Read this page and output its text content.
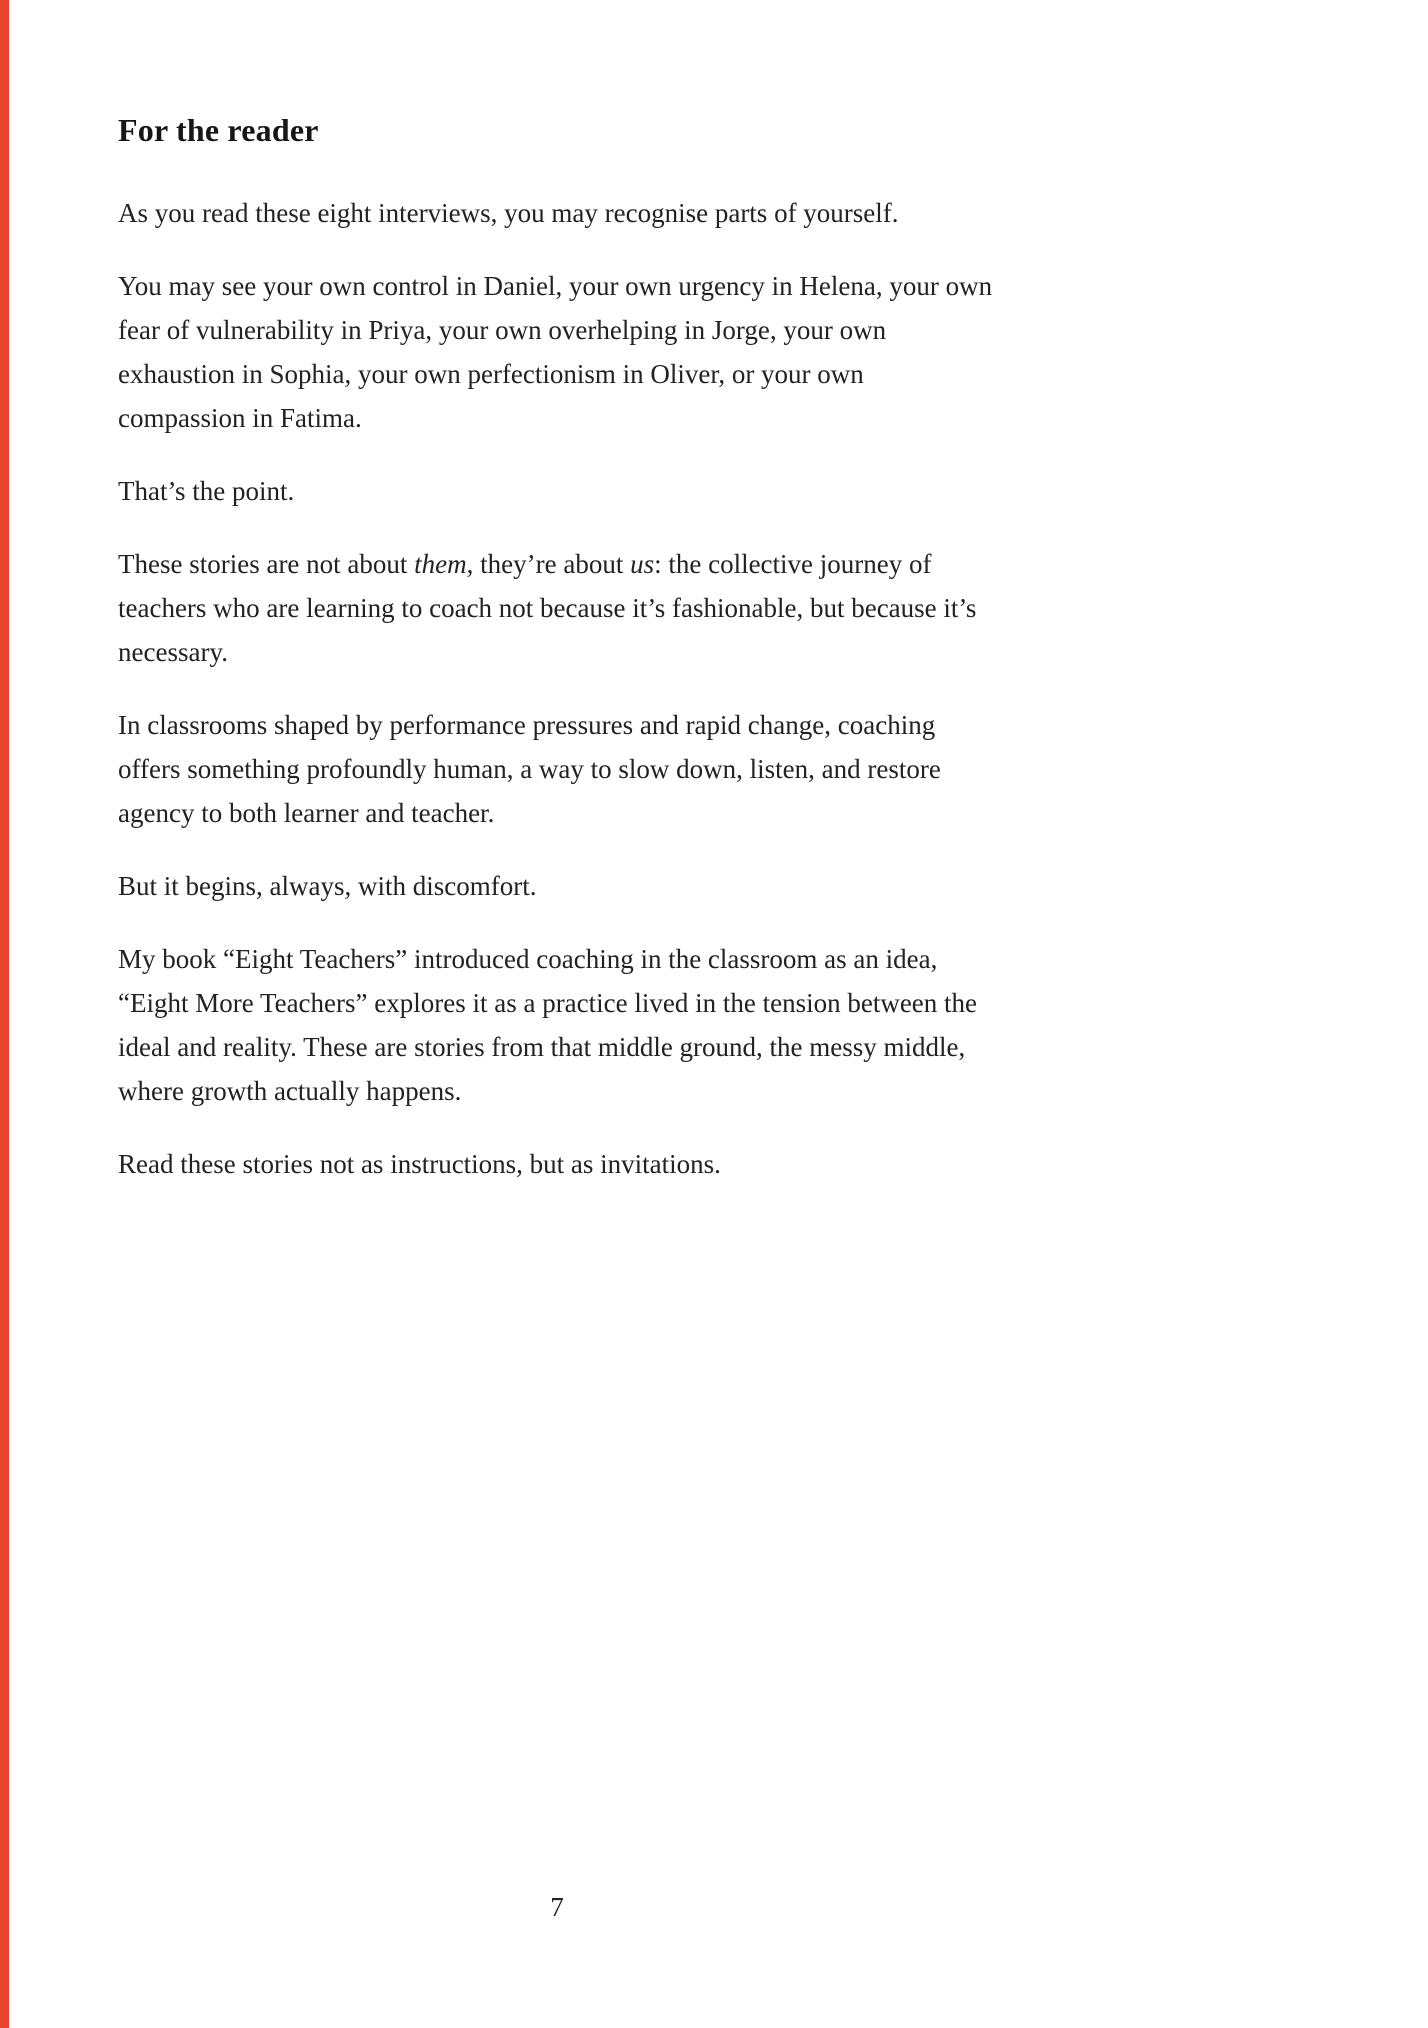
For the reader

As you read these eight interviews, you may recognise parts of yourself.

You may see your own control in Daniel, your own urgency in Helena, your own fear of vulnerability in Priya, your own overhelping in Jorge, your own exhaustion in Sophia, your own perfectionism in Oliver, or your own compassion in Fatima.

That’s the point.

These stories are not about them, they’re about us: the collective journey of teachers who are learning to coach not because it’s fashionable, but because it’s necessary.

In classrooms shaped by performance pressures and rapid change, coaching offers something profoundly human, a way to slow down, listen, and restore agency to both learner and teacher.

But it begins, always, with discomfort.

My book “Eight Teachers” introduced coaching in the classroom as an idea, “Eight More Teachers” explores it as a practice lived in the tension between the ideal and reality. These are stories from that middle ground, the messy middle, where growth actually happens.

Read these stories not as instructions, but as invitations.

7
